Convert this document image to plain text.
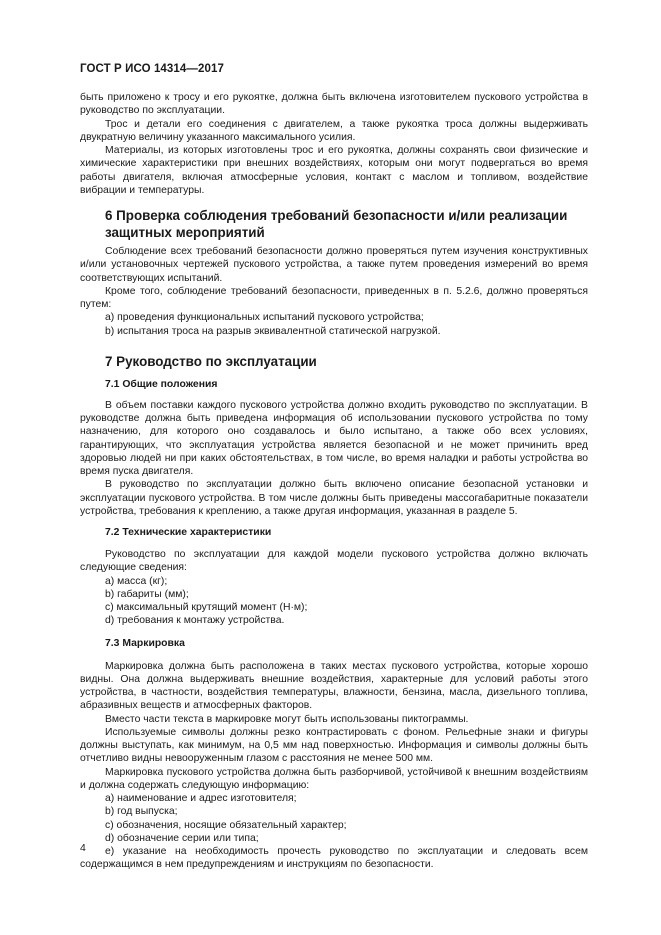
ГОСТ Р ИСО 14314—2017

быть приложено к тросу и его рукоятке, должна быть включена изготовителем пускового устройства в руководство по эксплуатации.

Трос и детали его соединения с двигателем, а также рукоятка троса должны выдерживать двукратную величину указанного максимального усилия.

Материалы, из которых изготовлены трос и его рукоятка, должны сохранять свои физические и химические характеристики при внешних воздействиях, которым они могут подвергаться во время работы двигателя, включая атмосферные условия, контакт с маслом и топливом, воздействие вибрации и температуры.

6 Проверка соблюдения требований безопасности и/или реализации защитных мероприятий

Соблюдение всех требований безопасности должно проверяться путем изучения конструктивных и/или установочных чертежей пускового устройства, а также путем проведения измерений во время соответствующих испытаний.

Кроме того, соблюдение требований безопасности, приведенных в п. 5.2.6, должно проверяться путем:

a) проведения функциональных испытаний пускового устройства;

b) испытания троса на разрыв эквивалентной статической нагрузкой.

7 Руководство по эксплуатации
7.1 Общие положения

В объем поставки каждого пускового устройства должно входить руководство по эксплуатации. В руководстве должна быть приведена информация об использовании пускового устройства по тому назначению, для которого оно создавалось и было испытано, а также обо всех условиях, гарантирующих, что эксплуатация устройства является безопасной и не может причинить вред здоровью людей ни при каких обстоятельствах, в том числе, во время наладки и работы устройства во время пуска двигателя.

В руководство по эксплуатации должно быть включено описание безопасной установки и эксплуатации пускового устройства. В том числе должны быть приведены массогабаритные показатели устройства, требования к креплению, а также другая информация, указанная в разделе 5.

7.2 Технические характеристики

Руководство по эксплуатации для каждой модели пускового устройства должно включать следующие сведения:

a) масса (кг);

b) габариты (мм);

c) максимальный крутящий момент (Н·м);

d) требования к монтажу устройства.

7.3 Маркировка

Маркировка должна быть расположена в таких местах пускового устройства, которые хорошо видны. Она должна выдерживать внешние воздействия, характерные для условий работы этого устройства, в частности, воздействия температуры, влажности, бензина, масла, дизельного топлива, абразивных веществ и атмосферных факторов.

Вместо части текста в маркировке могут быть использованы пиктограммы.

Используемые символы должны резко контрастировать с фоном. Рельефные знаки и фигуры должны выступать, как минимум, на 0,5 мм над поверхностью. Информация и символы должны быть отчетливо видны невооруженным глазом с расстояния не менее 500 мм.

Маркировка пускового устройства должна быть разборчивой, устойчивой к внешним воздействиям и должна содержать следующую информацию:

a) наименование и адрес изготовителя;

b) год выпуска;

c) обозначения, носящие обязательный характер;

d) обозначение серии или типа;

e) указание на необходимость прочесть руководство по эксплуатации и следовать всем содержащимся в нем предупреждениям и инструкциям по безопасности.

4
